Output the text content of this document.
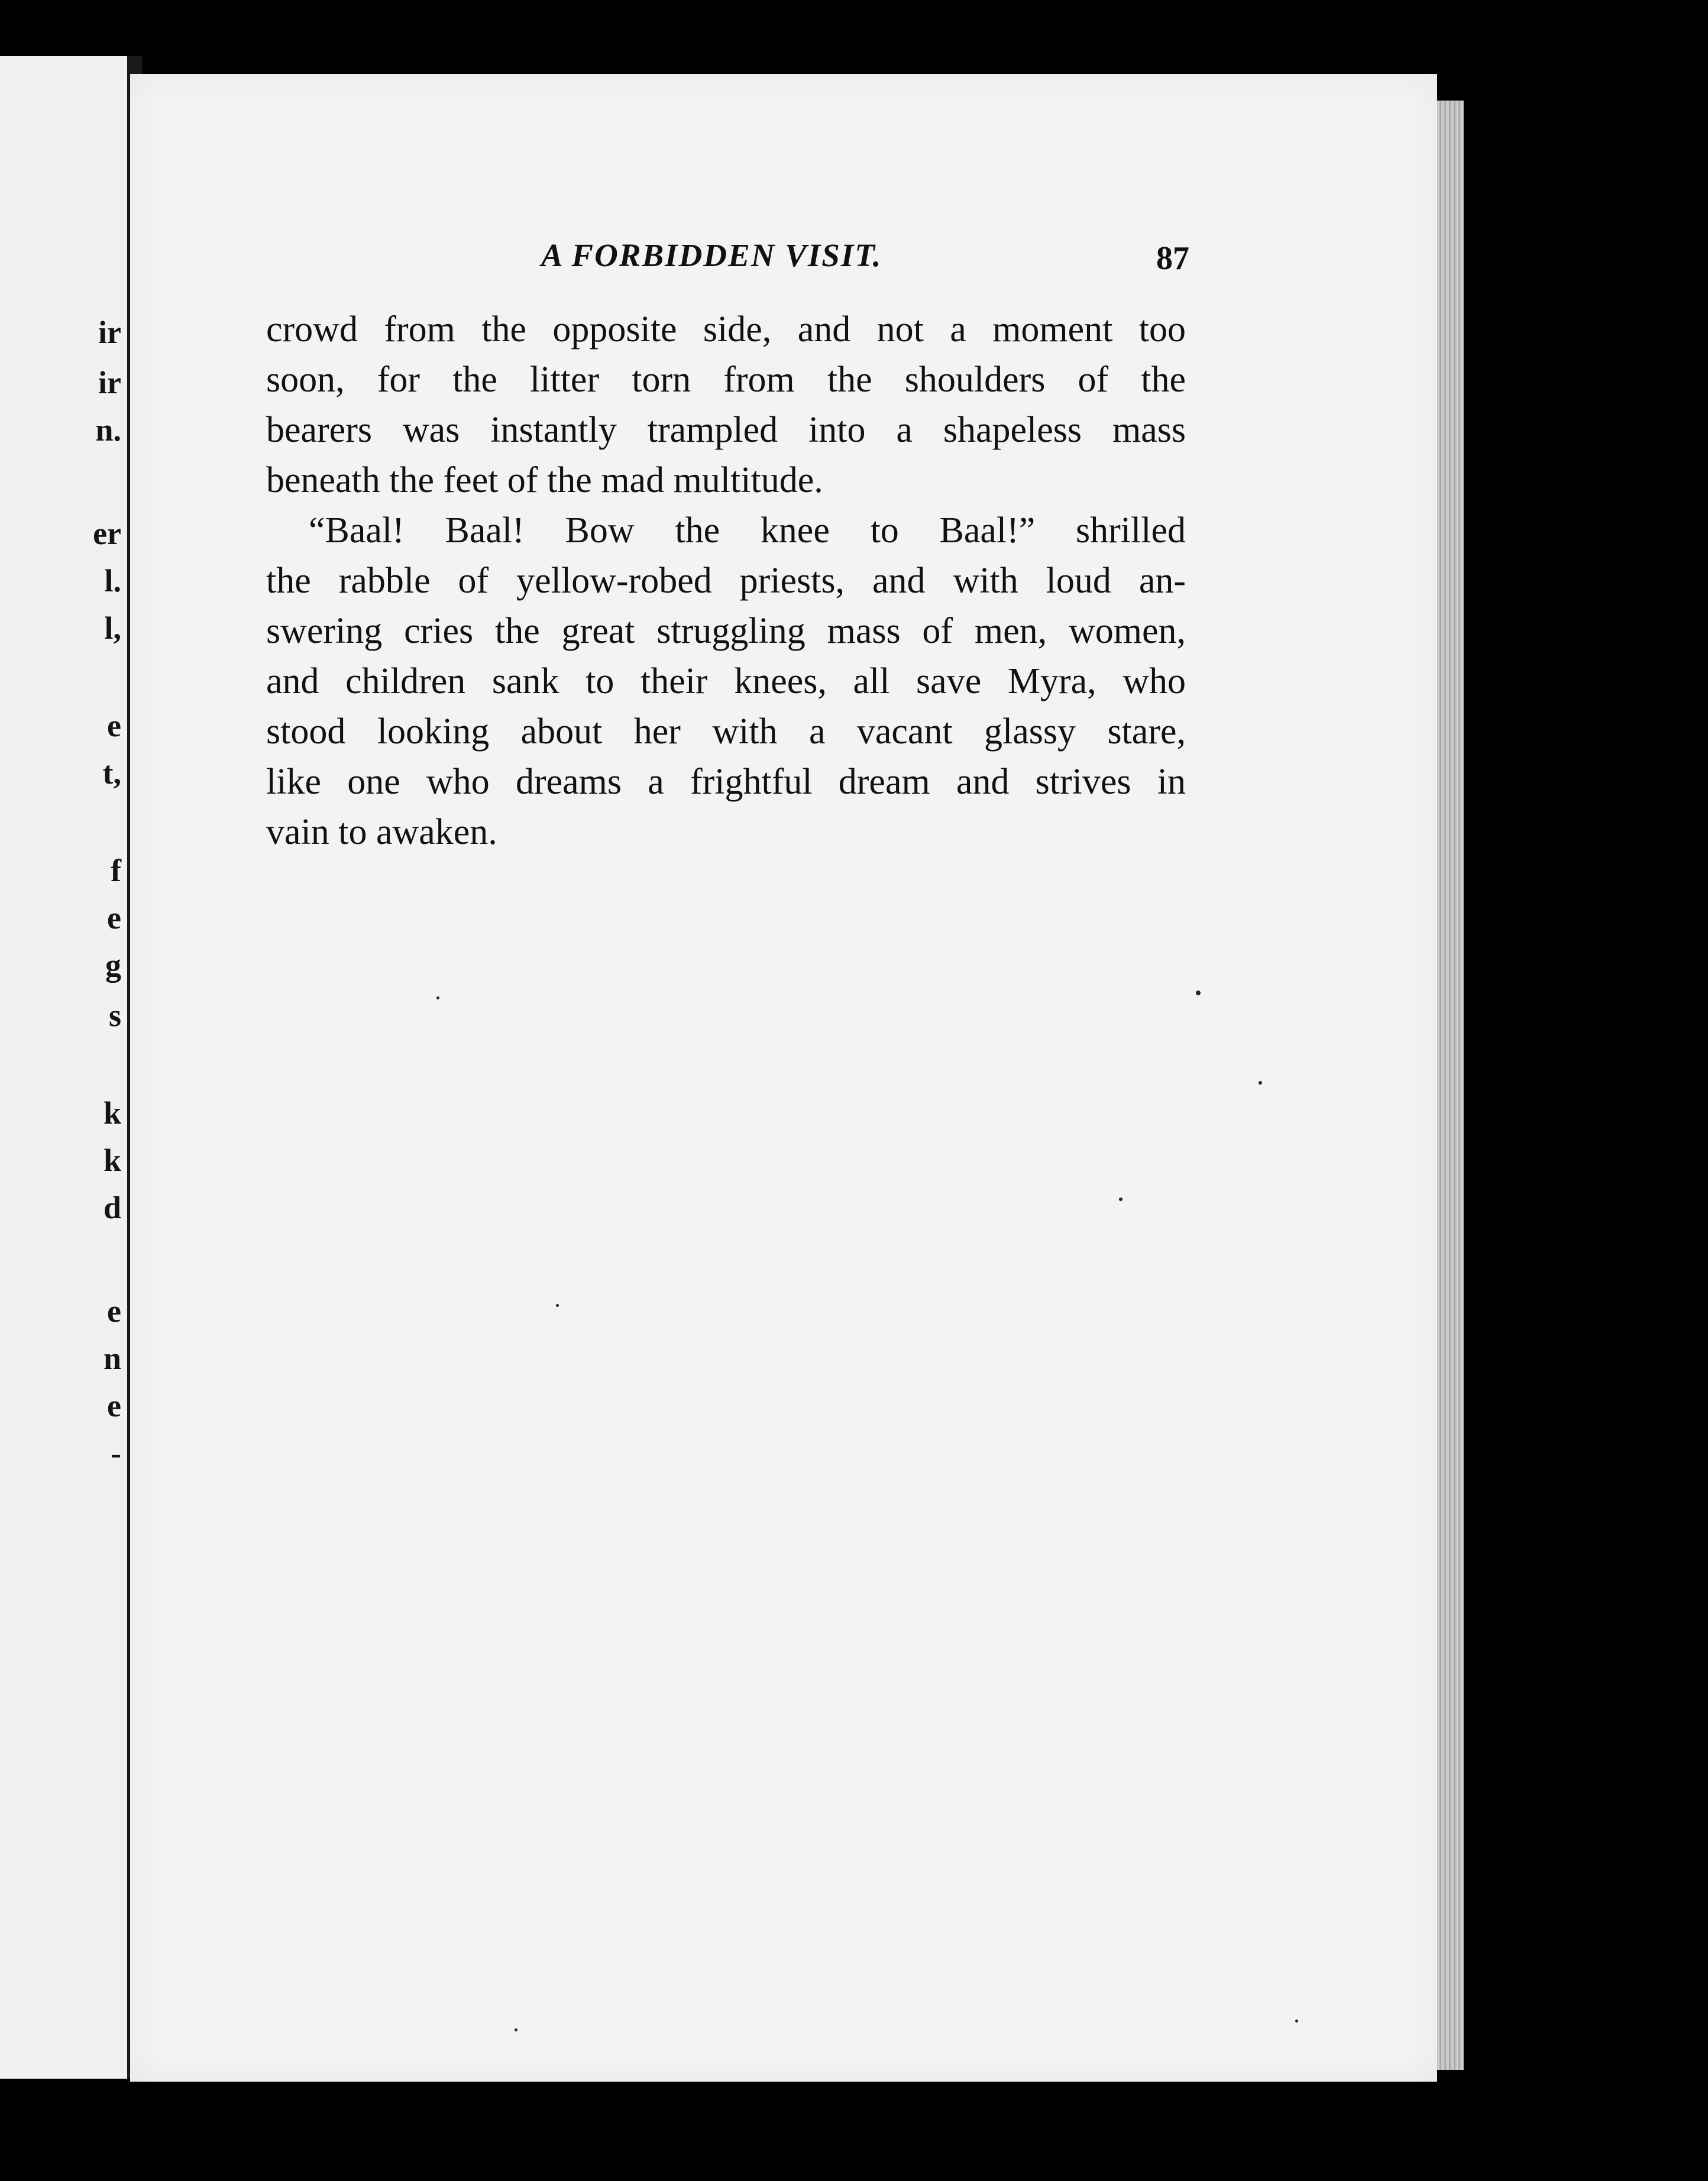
ir
ir
n.
er
l.
l,
e
t,
f
e
g
s
k
k
d
e
n
e
-
A FORBIDDEN VISIT.	87
crowd from the opposite side, and not a moment too
soon, for the litter torn from the shoulders of the
bearers was instantly trampled into a shapeless mass
beneath the feet of the mad multitude.
“Baal! Baal! Bow the knee to Baal!” shrilled
the rabble of yellow-robed priests, and with loud an-
swering cries the great struggling mass of men, women,
and children sank to their knees, all save Myra, who
stood looking about her with a vacant glassy stare,
like one who dreams a frightful dream and strives in
vain to awaken.
